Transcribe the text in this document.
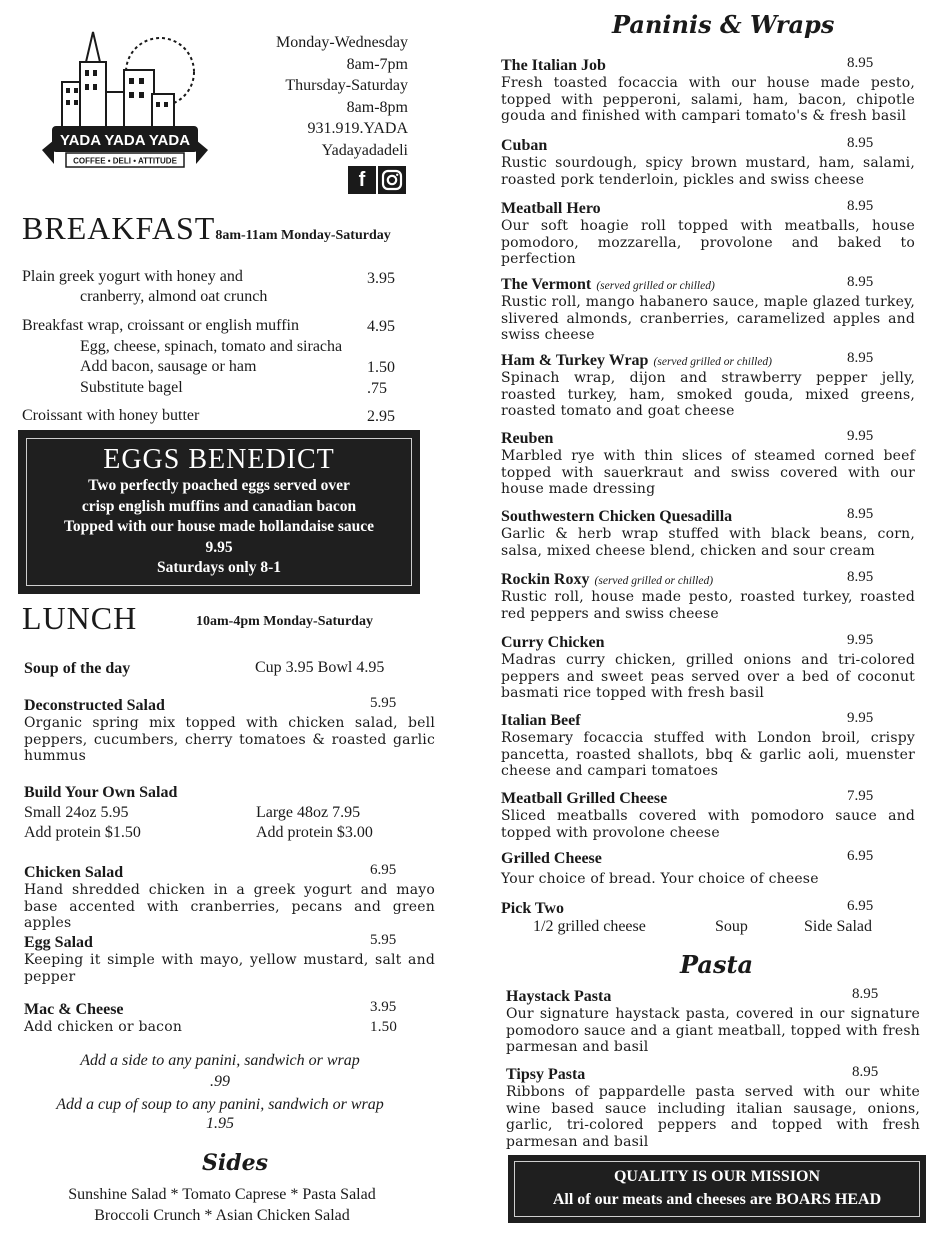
YADA YADA YADA
COFFEE • DELI • ATTITUDE
Monday-Wednesday
8am-7pm
Thursday-Saturday
8am-8pm
931.919.YADA
Yadayadadeli
f
BREAKFAST8am-11am Monday-Saturday
Plain greek yogurt with honey and
cranberry, almond oat crunch
3.95
Breakfast wrap, croissant or english muffin	4.95
Egg, cheese, spinach, tomato and siracha
Add bacon, sausage or ham	1.50
Substitute bagel	.75
Croissant with honey butter	2.95
EGGS BENEDICT
Two perfectly poached eggs served over
crisp english muffins and canadian bacon
Topped with our house made hollandaise sauce
9.95
Saturdays only 8-1
LUNCH	10am-4pm Monday-Saturday
Soup of the day	Cup 3.95 Bowl 4.95
Deconstructed Salad	5.95
Organic spring mix topped with chicken salad, bell peppers, cucumbers, cherry tomatoes & roasted garlic hummus
Build Your Own Salad
Small 24oz 5.95	Large 48oz 7.95
Add protein $1.50	Add protein $3.00
Chicken Salad	6.95
Hand shredded chicken in a greek yogurt and mayo base accented with cranberries, pecans and green apples
Egg Salad	5.95
Keeping it simple with mayo, yellow mustard, salt and pepper
Mac & Cheese	3.95
Add chicken or bacon	1.50
Add a side to any panini, sandwich or wrap
.99
Add a cup of soup to any panini, sandwich or wrap
1.95
Sides
Sunshine Salad * Tomato Caprese * Pasta Salad
Broccoli Crunch * Asian Chicken Salad
Paninis & Wraps
The Italian Job	8.95
Fresh toasted focaccia with our house made pesto, topped with pepperoni, salami, ham, bacon, chipotle gouda and finished with campari tomato's & fresh basil
Cuban	8.95
Rustic sourdough, spicy brown mustard, ham, salami, roasted pork tenderloin, pickles and swiss cheese
Meatball Hero	8.95
Our soft hoagie roll topped with meatballs, house pomodoro, mozzarella, provolone and baked to perfection
The Vermont (served grilled or chilled)	8.95
Rustic roll, mango habanero sauce, maple glazed turkey, slivered almonds, cranberries, caramelized apples and swiss cheese
Ham & Turkey Wrap (served grilled or chilled)	8.95
Spinach wrap, dijon and strawberry pepper jelly, roasted turkey, ham, smoked gouda, mixed greens, roasted tomato and goat cheese
Reuben	9.95
Marbled rye with thin slices of steamed corned beef topped with sauerkraut and swiss covered with our house made dressing
Southwestern Chicken Quesadilla	8.95
Garlic & herb wrap stuffed with black beans, corn, salsa, mixed cheese blend, chicken and sour cream
Rockin Roxy (served grilled or chilled)	8.95
Rustic roll, house made pesto, roasted turkey, roasted red peppers and swiss cheese
Curry Chicken	9.95
Madras curry chicken, grilled onions and tri-colored peppers and sweet peas served over a bed of coconut basmati rice topped with fresh basil
Italian Beef	9.95
Rosemary focaccia stuffed with London broil, crispy pancetta, roasted shallots, bbq & garlic aoli, muenster cheese and campari tomatoes
Meatball Grilled Cheese	7.95
Sliced meatballs covered with pomodoro sauce and topped with provolone cheese
Grilled Cheese	6.95
Your choice of bread. Your choice of cheese
Pick Two	6.95
1/2 grilled cheese	Soup	Side Salad
Pasta
Haystack Pasta	8.95
Our signature haystack pasta, covered in our signature pomodoro sauce and a giant meatball, topped with fresh parmesan and basil
Tipsy Pasta	8.95
Ribbons of pappardelle pasta served with our white wine based sauce including italian sausage, onions, garlic, tri-colored peppers and topped with fresh parmesan and basil
QUALITY IS OUR MISSION
All of our meats and cheeses are BOARS HEAD
